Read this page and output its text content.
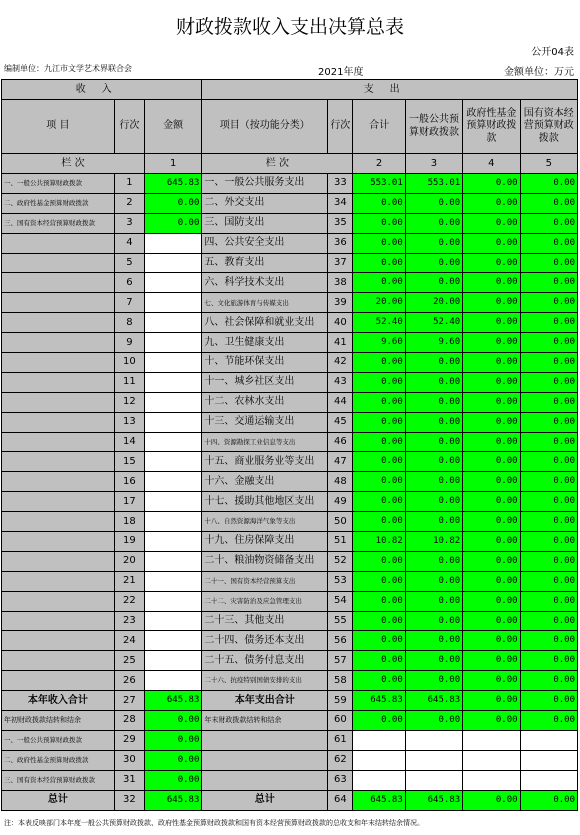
财政拨款收入支出决算总表
公开04表
编制单位：九江市文学艺术界联合会	2021年度	金额单位：万元
收入			支出					
项 目	行次	金额	项目（按功能分类）	行次	合计	一般公共预算财政拨款	政府性基金预算财政拨款	国有资本经营预算财政拨款
栏 次		1	栏 次		2	3	4	5
一、一般公共预算财政拨款	1	645.83	一、一般公共服务支出	33	553.01	553.01	0.00	0.00
二、政府性基金预算财政拨款	2	0.00	二、外交支出	34	0.00	0.00	0.00	0.00
三、国有资本经营预算财政拨款	3	0.00	三、国防支出	35	0.00	0.00	0.00	0.00
	4		四、公共安全支出	36	0.00	0.00	0.00	0.00
	5		五、教育支出	37	0.00	0.00	0.00	0.00
	6		六、科学技术支出	38	0.00	0.00	0.00	0.00
	7		七、文化旅游体育与传媒支出	39	20.00	20.00	0.00	0.00
	8		八、社会保障和就业支出	40	52.40	52.40	0.00	0.00
	9		九、卫生健康支出	41	9.60	9.60	0.00	0.00
	10		十、节能环保支出	42	0.00	0.00	0.00	0.00
	11		十一、城乡社区支出	43	0.00	0.00	0.00	0.00
	12		十二、农林水支出	44	0.00	0.00	0.00	0.00
	13		十三、交通运输支出	45	0.00	0.00	0.00	0.00
	14		十四、资源勘探工业信息等支出	46	0.00	0.00	0.00	0.00
	15		十五、商业服务业等支出	47	0.00	0.00	0.00	0.00
	16		十六、金融支出	48	0.00	0.00	0.00	0.00
	17		十七、援助其他地区支出	49	0.00	0.00	0.00	0.00
	18		十八、自然资源海洋气象等支出	50	0.00	0.00	0.00	0.00
	19		十九、住房保障支出	51	10.82	10.82	0.00	0.00
	20		二十、粮油物资储备支出	52	0.00	0.00	0.00	0.00
	21		二十一、国有资本经营预算支出	53	0.00	0.00	0.00	0.00
	22		二十二、灾害防治及应急管理支出	54	0.00	0.00	0.00	0.00
	23		二十三、其他支出	55	0.00	0.00	0.00	0.00
	24		二十四、债务还本支出	56	0.00	0.00	0.00	0.00
	25		二十五、债务付息支出	57	0.00	0.00	0.00	0.00
	26		二十六、抗疫特别国债安排的支出	58	0.00	0.00	0.00	0.00
本年收入合计	27	645.83	本年支出合计	59	645.83	645.83	0.00	0.00
年初财政拨款结转和结余	28	0.00	年末财政拨款结转和结余	60	0.00	0.00	0.00	0.00
一、一般公共预算财政拨款	29	0.00		61				
二、政府性基金预算财政拨款	30	0.00		62				
三、国有资本经营预算财政拨款	31	0.00		63				
总计	32	645.83	总计	64	645.83	645.83	0.00	0.00
注：本表反映部门本年度一般公共预算财政拨款、政府性基金预算财政拨款和国有资本经营预算财政拨款的总收支和年末结转结余情况。
